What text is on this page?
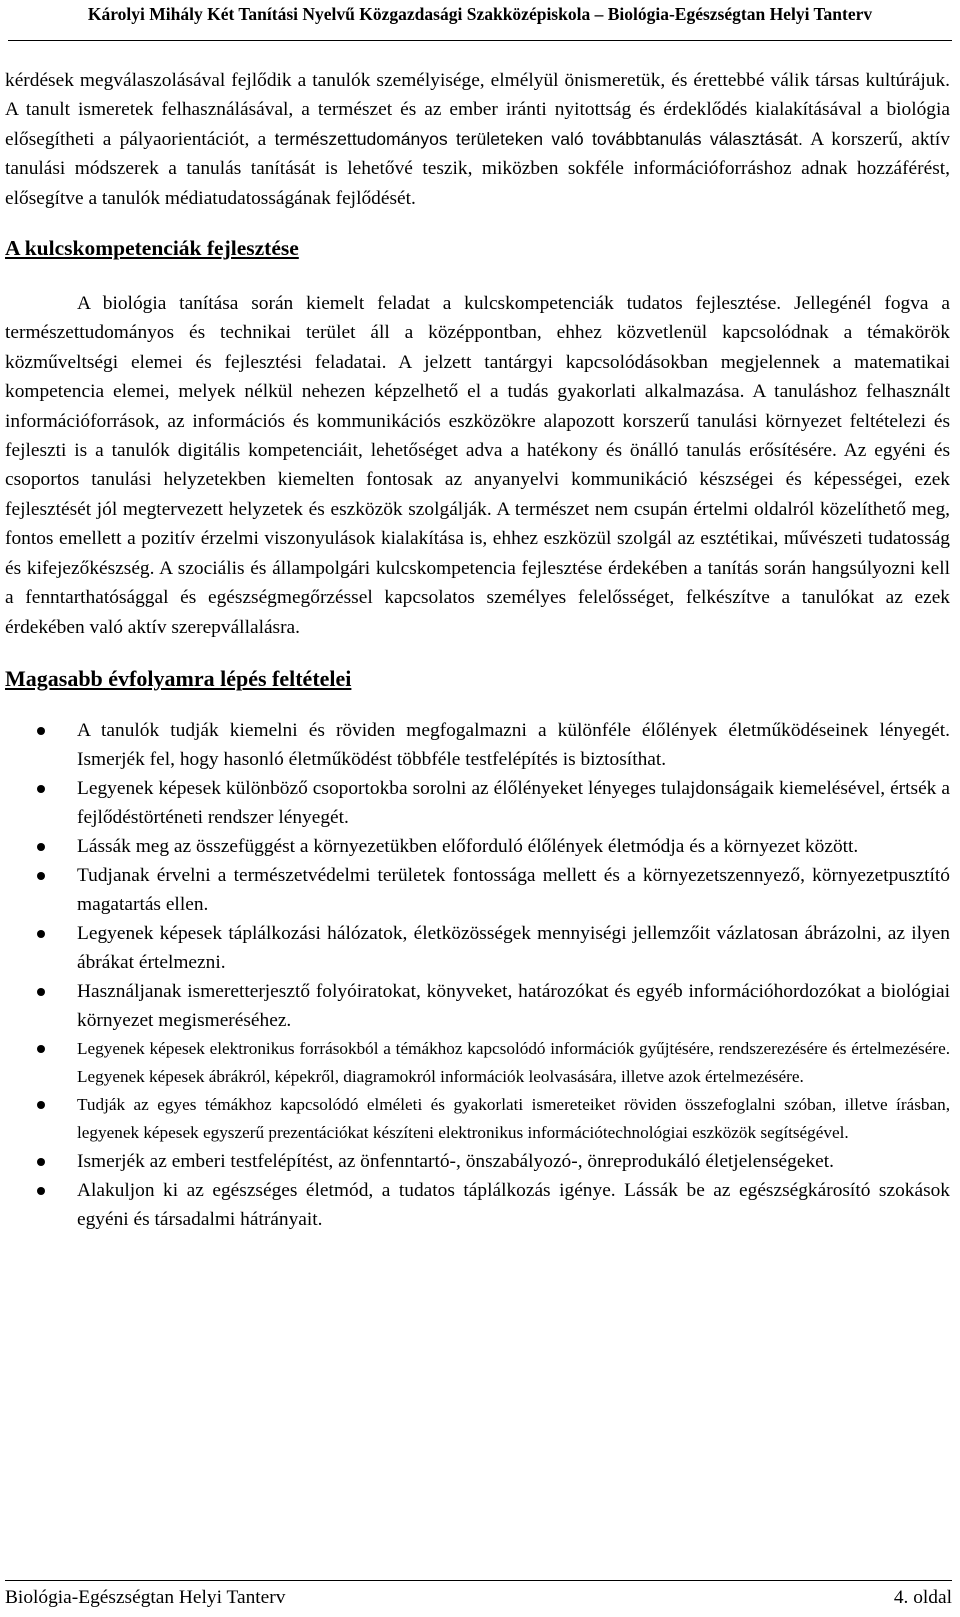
Károlyi Mihály Két Tanítási Nyelvű Közgazdasági Szakközépiskola – Biológia-Egészségtan Helyi Tanterv

kérdések megválaszolásával fejlődik a tanulók személyisége, elmélyül önismeretük, és érettebbé válik társas kultúrájuk. A tanult ismeretek felhasználásával, a természet és az ember iránti nyitottság és érdeklődés kialakításával a biológia elősegítheti a pályaorientációt, a természettudományos területeken való továbbtanulás választását. A korszerű, aktív tanulási módszerek a tanulás tanítását is lehetővé teszik, miközben sokféle információforráshoz adnak hozzáférést, elősegítve a tanulók médiatudatosságának fejlődését.

A kulcskompetenciák fejlesztése

A biológia tanítása során kiemelt feladat a kulcskompetenciák tudatos fejlesztése. Jellegénél fogva a természettudományos és technikai terület áll a középpontban, ehhez közvetlenül kapcsolódnak a témakörök közműveltségi elemei és fejlesztési feladatai. A jelzett tantárgyi kapcsolódásokban megjelennek a matematikai kompetencia elemei, melyek nélkül nehezen képzelhető el a tudás gyakorlati alkalmazása. A tanuláshoz felhasznált információforrások, az információs és kommunikációs eszközökre alapozott korszerű tanulási környezet feltételezi és fejleszti is a tanulók digitális kompetenciáit, lehetőséget adva a hatékony és önálló tanulás erősítésére. Az egyéni és csoportos tanulási helyzetekben kiemelten fontosak az anyanyelvi kommunikáció készségei és képességei, ezek fejlesztését jól megtervezett helyzetek és eszközök szolgálják. A természet nem csupán értelmi oldalról közelíthető meg, fontos emellett a pozitív érzelmi viszonyulások kialakítása is, ehhez eszközül szolgál az esztétikai, művészeti tudatosság és kifejezőkészség. A szociális és állampolgári kulcskompetencia fejlesztése érdekében a tanítás során hangsúlyozni kell a fenntarthatósággal és egészségmegőrzéssel kapcsolatos személyes felelősséget, felkészítve a tanulókat az ezek érdekében való aktív szerepvállalásra.

Magasabb évfolyamra lépés feltételei
A tanulók tudják kiemelni és röviden megfogalmazni a különféle élőlények életműködéseinek lényegét. Ismerjék fel, hogy hasonló életműködést többféle testfelépítés is biztosíthat.
Legyenek képesek különböző csoportokba sorolni az élőlényeket lényeges tulajdonságaik kiemelésével, értsék a fejlődéstörténeti rendszer lényegét.
Lássák meg az összefüggést a környezetükben előforduló élőlények életmódja és a környezet között.
Tudjanak érvelni a természetvédelmi területek fontossága mellett és a környezetszennyező, környezetpusztító magatartás ellen.
Legyenek képesek táplálkozási hálózatok, életközösségek mennyiségi jellemzőit vázlatosan ábrázolni, az ilyen ábrákat értelmezni.
Használjanak ismeretterjesztő folyóiratokat, könyveket, határozókat és egyéb információhordozókat a biológiai környezet megismeréséhez.
Legyenek képesek elektronikus forrásokból a témákhoz kapcsolódó információk gyűjtésére, rendszerezésére és értelmezésére. Legyenek képesek ábrákról, képekről, diagramokról információk leolvasására, illetve azok értelmezésére.
Tudják az egyes témákhoz kapcsolódó elméleti és gyakorlati ismereteiket röviden összefoglalni szóban, illetve írásban, legyenek képesek egyszerű prezentációkat készíteni elektronikus információtechnológiai eszközök segítségével.
Ismerjék az emberi testfelépítést, az önfenntartó-, önszabályozó-, önreprodukáló életjelenségeket.
Alakuljon ki az egészséges életmód, a tudatos táplálkozás igénye. Lássák be az egészségkárosító szokások egyéni és társadalmi hátrányait.
Biológia-Egészségtan Helyi Tanterv	4. oldal
